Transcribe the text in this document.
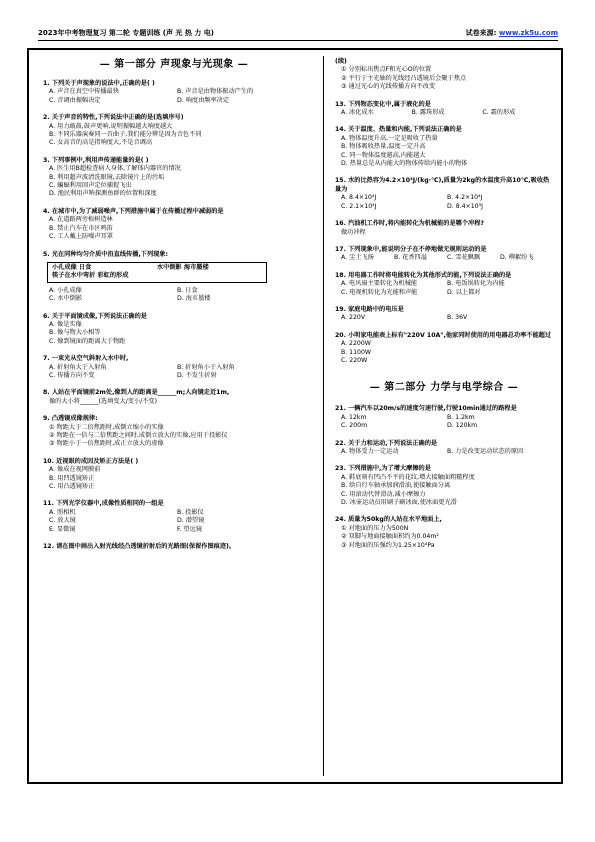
2023年中考物理复习 第二轮 专题训练 (声 光 热 力 电)	试卷来源: www.zk5u.com
— 第一部分 声现象与光现象 —
1. 下列关于声现象的说法中,正确的是( )
A. 声音在真空中传播最快	B. 声音是由物体振动产生的
C. 音调由振幅决定	D. 响度由频率决定
2. 关于声音的特性,下列说法中正确的是(选填序号)
A. 用力敲鼓,鼓声更响,说明振幅越大响度越大
B. 不同乐器演奏同一首曲子,我们能分辨是因为音色不同
C. 女高音的高是指响度大,不是音调高
3. 下列事例中,利用声传递能量的是( )
A. 医生用B超检查病人身体,了解体内器官的情况
B. 利用超声波清洗眼镜,去除镜片上的污垢
C. 蝙蝠利用回声定位捕捉飞虫
D. 渔民利用声呐探测鱼群的位置和深度
4. 在城市中,为了减弱噪声,下列措施中属于在传播过程中减弱的是
A. 在道路两旁植树造林
B. 禁止汽车在市区鸣笛
C. 工人戴上防噪声耳罩
5. 光在同种均匀介质中沿直线传播,下列现象:
小孔成像 日食	水中倒影 海市蜃楼
筷子在水中弯折 彩虹的形成
A. 小孔成像	B. 日食
C. 水中倒影	D. 海市蜃楼
6. 关于平面镜成像,下列说法正确的是
A. 像是实像
B. 像与物大小相等
C. 像到镜面的距离大于物距
7. 一束光从空气斜射入水中时,
A. 折射角大于入射角	B. 折射角小于入射角
C. 传播方向不变	D. 不发生折射
8. 人站在平面镜前2m处,像到人的距离是______m;人向镜走近1m,
像的大小将______(选填变大/变小/不变)
9. 凸透镜成像规律:
① 物距大于二倍焦距时,成倒立缩小的实像
② 物距在一倍与二倍焦距之间时,成倒立放大的实像,应用于投影仪
③ 物距小于一倍焦距时,成正立放大的虚像
10. 近视眼的成因及矫正方法是( )
A. 像成在视网膜前
B. 用凹透镜矫正
C. 用凸透镜矫正
11. 下列光学仪器中,成像性质相同的一组是
A. 照相机	B. 投影仪
C. 放大镜	D. 潜望镜
E. 显微镜	F. 望远镜
12. 请在图中画出入射光线经凸透镜折射后的光路图(保留作图痕迹)。
(续)
① 分别标出焦点F和光心O的位置
② 平行于主光轴的光线经凸透镜后会聚于焦点
③ 通过光心的光线传播方向不改变
13. 下列物态变化中,属于液化的是
A. 冰化成水	B. 露珠形成	C. 霜的形成
14. 关于温度、热量和内能,下列说法正确的是
A. 物体温度升高,一定是吸收了热量
B. 物体吸收热量,温度一定升高
C. 同一物体温度越高,内能越大
D. 热量总是从内能大的物体传给内能小的物体
15. 水的比热容为4.2×10³J/(kg·℃),质量为2kg的水温度升高10℃,吸收热量为
A. 8.4×10⁴J	B. 4.2×10⁴J
C. 2.1×10⁴J	D. 8.4×10³J
16. 汽油机工作时,将内能转化为机械能的是哪个冲程?
做功冲程
17. 下列现象中,能说明分子在不停地做无规则运动的是
A. 尘土飞扬	B. 花香四溢	C. 雪花飘飘	D. 柳絮纷飞
18. 用电器工作时将电能转化为其他形式的能,下列说法正确的是
A. 电风扇主要转化为机械能	B. 电饭锅转化为内能
C. 电视机转化为光能和声能	D. 以上都对
19. 家庭电路中的电压是
A. 220V	B. 36V
20. 小明家电能表上标有"220V 10A",他家同时使用的用电器总功率不能超过
A. 2200W
B. 1100W
C. 220W
— 第二部分 力学与电学综合 —
21. 一辆汽车以20m/s的速度匀速行驶,行驶10min通过的路程是
A. 12km	B. 1.2km
C. 200m	D. 120km
22. 关于力和运动,下列说法正确的是
A. 物体受力一定运动	B. 力是改变运动状态的原因
23. 下列措施中,为了增大摩擦的是
A. 鞋底刻有凹凸不平的花纹,增大接触面粗糙程度
B. 给自行车轴承加润滑油,使接触面分离
C. 用滚动代替滑动,减小摩擦力
D. 冰壶运动员用刷子刷冰面,使冰面更光滑
24. 质量为50kg的人站在水平地面上,
① 对地面的压力为500N
② 双脚与地面接触面积约为0.04m²
③ 对地面的压强约为1.25×10⁴Pa
